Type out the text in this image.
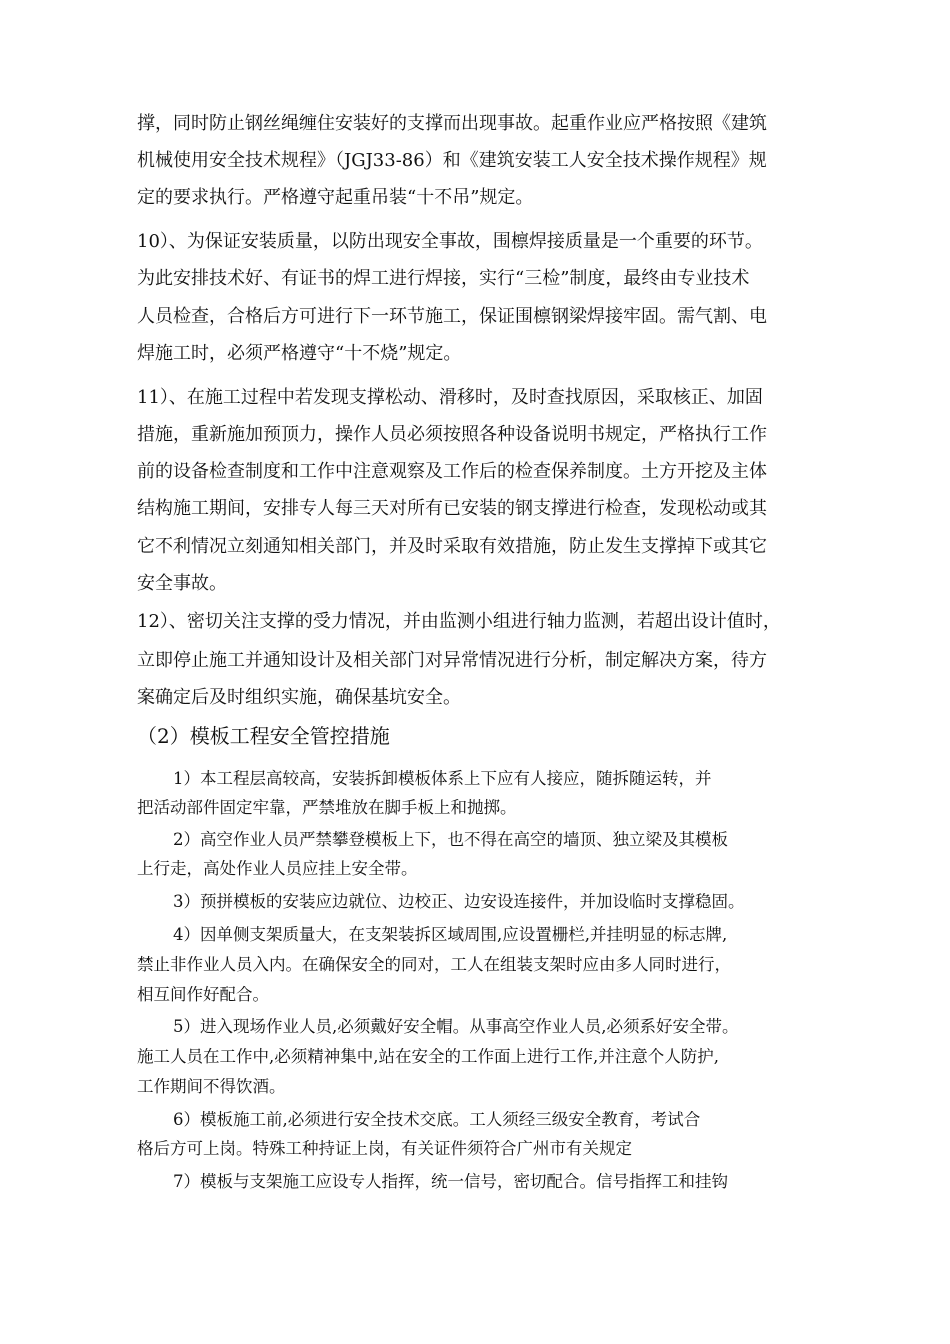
撑，同时防止钢丝绳缠住安装好的支撑而出现事故。起重作业应严格按照《建筑

机械使用安全技术规程》（JGJ33-86）和《建筑安装工人安全技术操作规程》规

定的要求执行。严格遵守起重吊装“十不吊”规定。

10）、为保证安装质量，以防出现安全事故，围檩焊接质量是一个重要的环节。

为此安排技术好、有证书的焊工进行焊接，实行“三检”制度，最终由专业技术

人员检查，合格后方可进行下一环节施工，保证围檩钢梁焊接牢固。需气割、电

焊施工时，必须严格遵守“十不烧”规定。

11）、在施工过程中若发现支撑松动、滑移时，及时查找原因，采取核正、加固

措施，重新施加预顶力，操作人员必须按照各种设备说明书规定，严格执行工作

前的设备检查制度和工作中注意观察及工作后的检查保养制度。土方开挖及主体

结构施工期间，安排专人每三天对所有已安装的钢支撑进行检查，发现松动或其

它不利情况立刻通知相关部门，并及时采取有效措施，防止发生支撑掉下或其它

安全事故。

12）、密切关注支撑的受力情况，并由监测小组进行轴力监测，若超出设计值时，

立即停止施工并通知设计及相关部门对异常情况进行分析，制定解决方案，待方

案确定后及时组织实施，确保基坑安全。

（2）模板工程安全管控措施

1）本工程层高较高，安装拆卸模板体系上下应有人接应，随拆随运转，并

把活动部件固定牢靠，严禁堆放在脚手板上和抛掷。

2）高空作业人员严禁攀登模板上下，也不得在高空的墙顶、独立梁及其模板

上行走，高处作业人员应挂上安全带。

3）预拼模板的安装应边就位、边校正、边安设连接件，并加设临时支撑稳固。

4）因单侧支架质量大，在支架装拆区域周围,应设置栅栏,并挂明显的标志牌,

禁止非作业人员入内。在确保安全的同对，工人在组装支架时应由多人同时进行，

相互间作好配合。

5）进入现场作业人员,必须戴好安全帽。从事高空作业人员,必须系好安全带。

施工人员在工作中,必须精神集中,站在安全的工作面上进行工作,并注意个人防护,

工作期间不得饮酒。

6）模板施工前,必须进行安全技术交底。工人须经三级安全教育，考试合

格后方可上岗。特殊工种持证上岗，有关证件须符合广州市有关规定

7）模板与支架施工应设专人指挥，统一信号，密切配合。信号指挥工和挂钩
